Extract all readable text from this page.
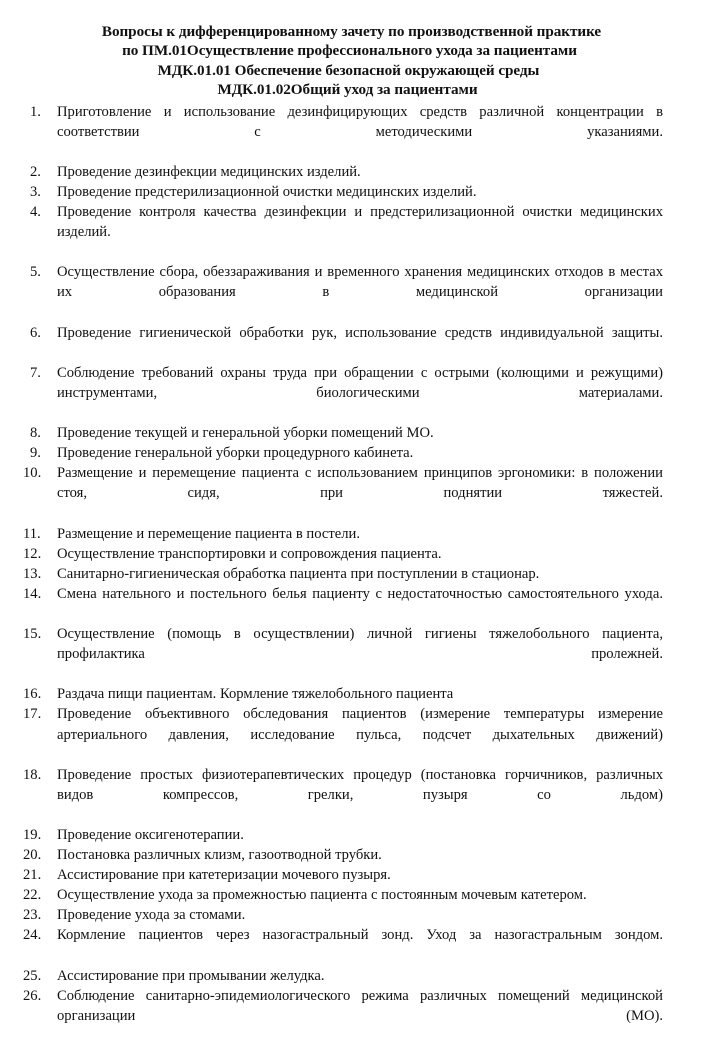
Вопросы к дифференцированному зачету по производственной практике
по ПМ.01Осуществление профессионального ухода за пациентами
МДК.01.01 Обеспечение безопасной окружающей среды
МДК.01.02Общий уход за пациентами
1.	Приготовление и использование дезинфицирующих средств различной концентрации в соответствии с методическими указаниями.
2.	Проведение дезинфекции медицинских изделий.
3.	Проведение предстерилизационной очистки медицинских изделий.
4.	Проведение контроля качества дезинфекции и предстерилизационной очистки медицинских изделий.
5.	Осуществление сбора, обеззараживания и временного хранения медицинских отходов в местах их образования в медицинской организации
6.	Проведение гигиенической обработки рук, использование средств индивидуальной защиты.
7.	Соблюдение требований охраны труда при обращении с острыми (колющими и режущими) инструментами, биологическими материалами.
8.	Проведение текущей и генеральной уборки помещений МО.
9.	Проведение генеральной уборки процедурного кабинета.
10.	Размещение и перемещение пациента с использованием принципов эргономики: в положении стоя, сидя, при поднятии тяжестей.
11.	Размещение и перемещение пациента в постели.
12.	Осуществление транспортировки и сопровождения пациента.
13.	Санитарно-гигиеническая обработка пациента при поступлении в стационар.
14.	Смена нательного и постельного белья пациенту с недостаточностью самостоятельного ухода.
15.	Осуществление (помощь в осуществлении) личной гигиены тяжелобольного пациента, профилактика пролежней.
16.	Раздача пищи пациентам. Кормление тяжелобольного пациента
17.	Проведение объективного обследования пациентов (измерение температуры измерение артериального давления, исследование пульса, подсчет дыхательных движений)
18.	Проведение простых физиотерапевтических процедур (постановка горчичников, различных видов компрессов, грелки, пузыря со льдом)
19.	Проведение оксигенотерапии.
20.	Постановка различных клизм, газоотводной трубки.
21.	Ассистирование при катетеризации мочевого пузыря.
22.	Осуществление ухода за промежностью пациента с постоянным мочевым катетером.
23.	Проведение ухода за стомами.
24.	Кормление пациентов через назогастральный зонд. Уход за назогастральным зондом.
25.	Ассистирование при промывании желудка.
26.	Соблюдение санитарно-эпидемиологического режима различных помещений медицинской организации (МО).
